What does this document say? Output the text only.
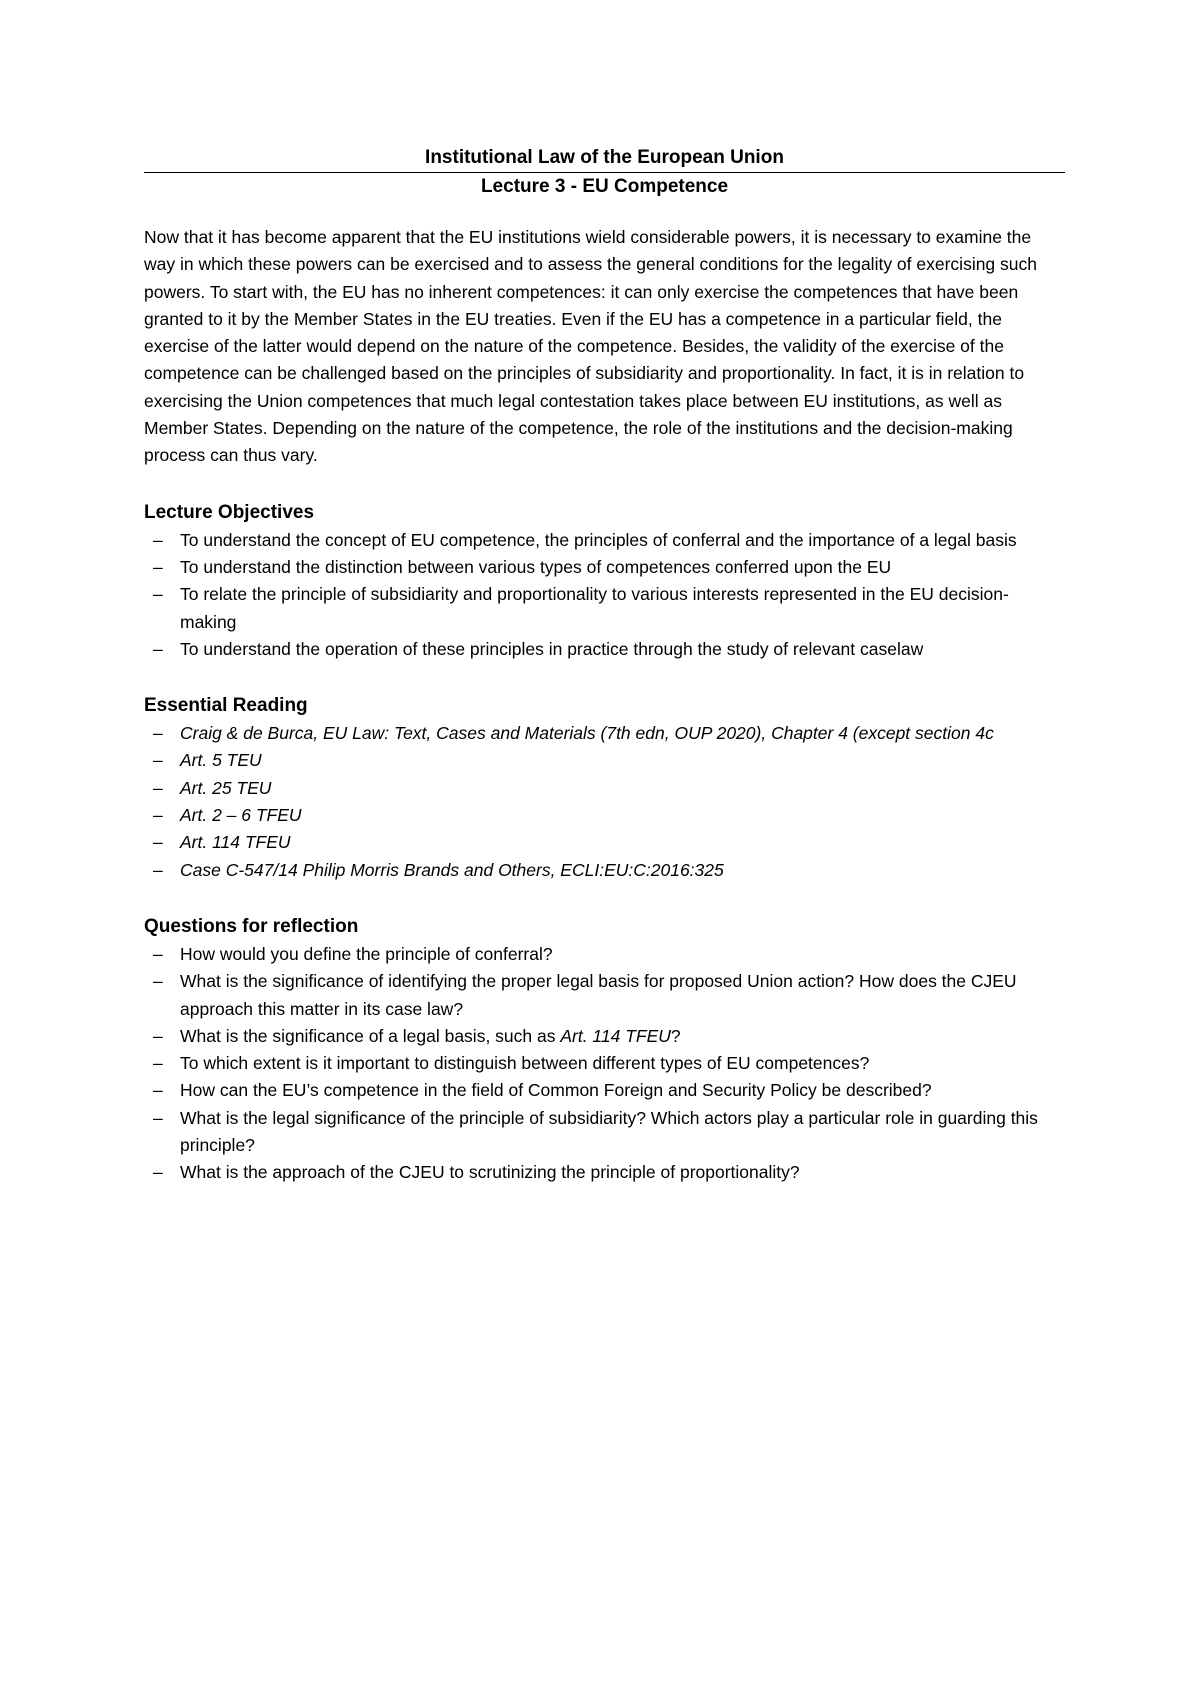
Institutional Law of the European Union
Lecture 3 - EU Competence

Now that it has become apparent that the EU institutions wield considerable powers, it is necessary to examine the way in which these powers can be exercised and to assess the general conditions for the legality of exercising such powers. To start with, the EU has no inherent competences: it can only exercise the competences that have been granted to it by the Member States in the EU treaties. Even if the EU has a competence in a particular field, the exercise of the latter would depend on the nature of the competence. Besides, the validity of the exercise of the competence can be challenged based on the principles of subsidiarity and proportionality. In fact, it is in relation to exercising the Union competences that much legal contestation takes place between EU institutions, as well as Member States. Depending on the nature of the competence, the role of the institutions and the decision-making process can thus vary.

Lecture Objectives
– To understand the concept of EU competence, the principles of conferral and the importance of a legal basis
– To understand the distinction between various types of competences conferred upon the EU
– To relate the principle of subsidiarity and proportionality to various interests represented in the EU decision-making
– To understand the operation of these principles in practice through the study of relevant caselaw
Essential Reading
– Craig & de Burca, EU Law: Text, Cases and Materials (7th edn, OUP 2020), Chapter 4 (except section 4c
– Art. 5 TEU
– Art. 25 TEU
– Art. 2 – 6 TFEU
– Art. 114 TFEU
– Case C-547/14 Philip Morris Brands and Others, ECLI:EU:C:2016:325
Questions for reflection
– How would you define the principle of conferral?
– What is the significance of identifying the proper legal basis for proposed Union action? How does the CJEU approach this matter in its case law?
– What is the significance of a legal basis, such as Art. 114 TFEU?
– To which extent is it important to distinguish between different types of EU competences?
– How can the EU’s competence in the field of Common Foreign and Security Policy be described?
– What is the legal significance of the principle of subsidiarity? Which actors play a particular role in guarding this principle?
– What is the approach of the CJEU to scrutinizing the principle of proportionality?
